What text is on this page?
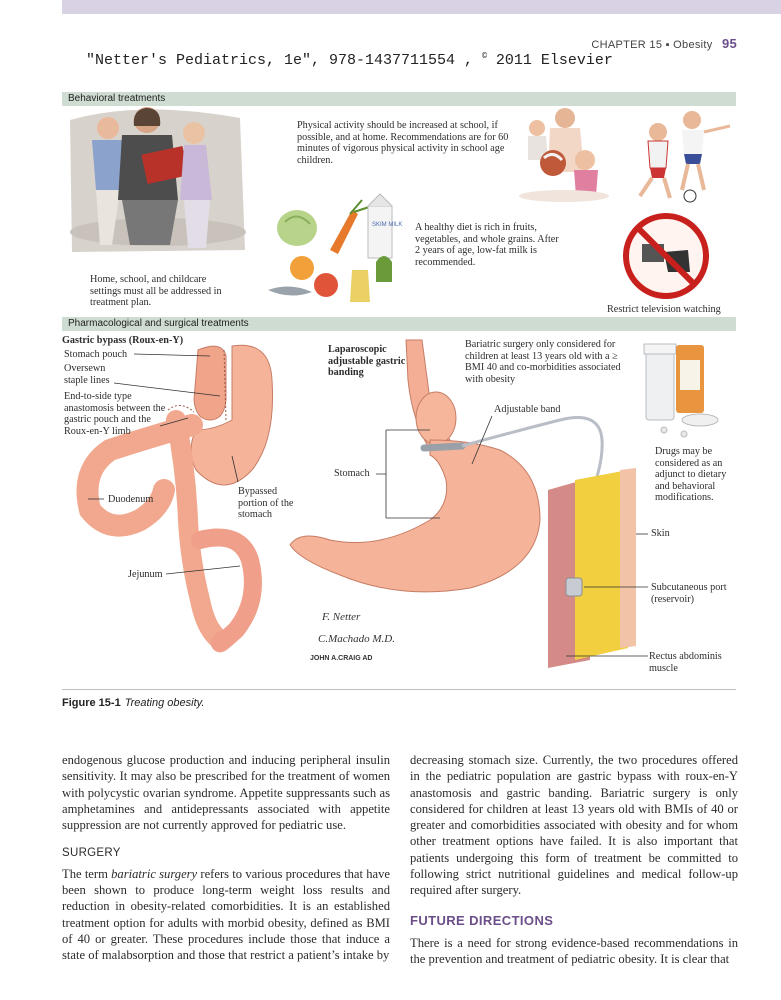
CHAPTER 15 ▪ Obesity 95
"Netter's Pediatrics, 1e", 978-1437711554 , © 2011 Elsevier
Behavioral treatments
Pharmacological and surgical treatments
SKIM MILK
F. Netter
C.Machado M.D.
JOHN A.CRAIG AD
Physical activity should be increased at school, if possible, and at home. Recommendations are for 60 minutes of vigorous physical activity in school age children.
A healthy diet is rich in fruits, vegetables, and whole grains. After 2 years of age, low-fat milk is recommended.
Home, school, and childcare settings must all be addressed in treatment plan.
Restrict television watching
Gastric bypass (Roux-en-Y)
Stomach pouch
Oversewn staple lines
End-to-side type anastomosis between the gastric pouch and the Roux-en-Y limb
Duodenum
Bypassed portion of the stomach
Jejunum
Laparoscopic adjustable gastric banding
Bariatric surgery only considered for children at least 13 years old with a ≥ BMI 40 and co-morbidities associated with obesity
Adjustable band
Stomach
Drugs may be considered as an adjunct to dietary and behavioral modifications.
Skin
Subcutaneous port (reservoir)
Rectus abdominis muscle
Figure 15-1 Treating obesity.

endogenous glucose production and inducing peripheral insulin sensitivity. It may also be prescribed for the treatment of women with polycystic ovarian syndrome. Appetite suppressants such as amphetamines and antidepressants associated with appetite suppression are not currently approved for pediatric use.

SURGERY

The term bariatric surgery refers to various procedures that have been shown to produce long-term weight loss results and reduction in obesity-related comorbidities. It is an established treatment option for adults with morbid obesity, defined as BMI of 40 or greater. These procedures include those that induce a state of malabsorption and those that restrict a patient’s intake by

decreasing stomach size. Currently, the two procedures offered in the pediatric population are gastric bypass with roux-en-Y anastomosis and gastric banding. Bariatric surgery is only considered for children at least 13 years old with BMIs of 40 or greater and comorbidities associated with obesity and for whom other treatment options have failed. It is also important that patients undergoing this form of treatment be committed to following strict nutritional guidelines and medical follow-up required after surgery.

FUTURE DIRECTIONS

There is a need for strong evidence-based recommendations in the prevention and treatment of pediatric obesity. It is clear that
